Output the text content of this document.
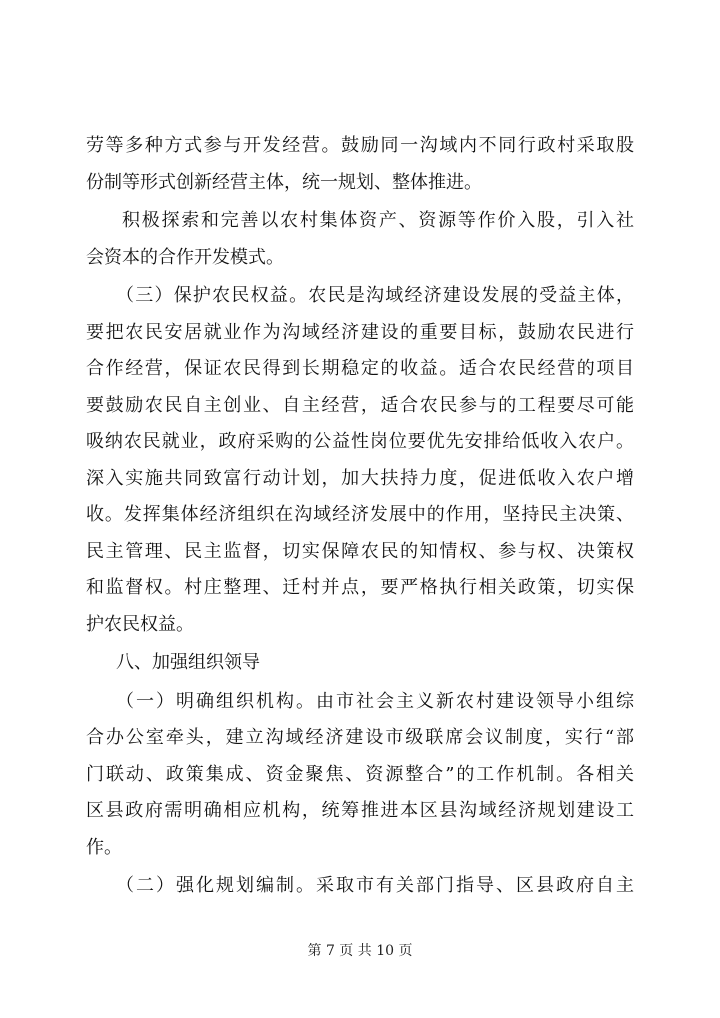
劳等多种方式参与开发经营。鼓励同一沟域内不同行政村采取股
份制等形式创新经营主体，统一规划、整体推进。
积极探索和完善以农村集体资产、资源等作价入股，引入社
会资本的合作开发模式。
（三）保护农民权益。农民是沟域经济建设发展的受益主体，
要把农民安居就业作为沟域经济建设的重要目标，鼓励农民进行
合作经营，保证农民得到长期稳定的收益。适合农民经营的项目
要鼓励农民自主创业、自主经营，适合农民参与的工程要尽可能
吸纳农民就业，政府采购的公益性岗位要优先安排给低收入农户。
深入实施共同致富行动计划，加大扶持力度，促进低收入农户增
收。发挥集体经济组织在沟域经济发展中的作用，坚持民主决策、
民主管理、民主监督，切实保障农民的知情权、参与权、决策权
和监督权。村庄整理、迁村并点，要严格执行相关政策，切实保
护农民权益。
八、加强组织领导
（一）明确组织机构。由市社会主义新农村建设领导小组综
合办公室牵头，建立沟域经济建设市级联席会议制度，实行“部
门联动、政策集成、资金聚焦、资源整合”的工作机制。各相关
区县政府需明确相应机构，统筹推进本区县沟域经济规划建设工
作。
（二）强化规划编制。采取市有关部门指导、区县政府自主
第 7 页 共 10 页
